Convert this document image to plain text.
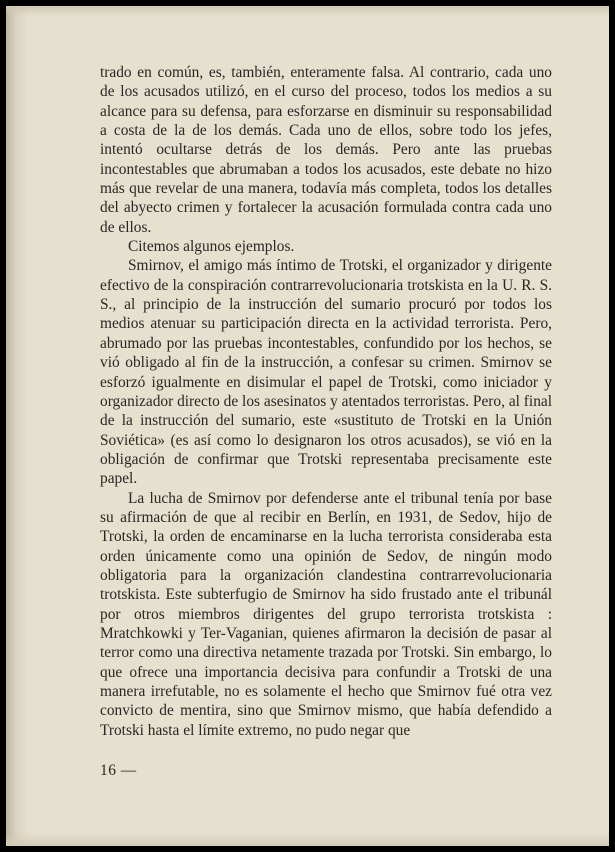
trado en común, es, también, enteramente falsa. Al contrario, cada uno de los acusados utilizó, en el curso del proceso, todos los medios a su alcance para su defensa, para esforzarse en disminuir su responsabilidad a costa de la de los demás. Cada uno de ellos, sobre todo los jefes, intentó ocultarse detrás de los demás. Pero ante las pruebas incontestables que abrumaban a todos los acusados, este debate no hizo más que revelar de una manera, todavía más completa, todos los detalles del abyecto crimen y fortalecer la acusación formulada contra cada uno de ellos.

Citemos algunos ejemplos.

Smirnov, el amigo más íntimo de Trotski, el organizador y dirigente efectivo de la conspiración contrarrevolucionaria trotskista en la U. R. S. S., al principio de la instrucción del sumario procuró por todos los medios atenuar su participación directa en la actividad terrorista. Pero, abrumado por las pruebas incontestables, confundido por los hechos, se vió obligado al fin de la instrucción, a confesar su crimen. Smirnov se esforzó igualmente en disimular el papel de Trotski, como iniciador y organizador directo de los asesinatos y atentados terroristas. Pero, al final de la instrucción del sumario, este «sustituto de Trotski en la Unión Soviética» (es así como lo designaron los otros acusados), se vió en la obligación de confirmar que Trotski representaba precisamente este papel.

La lucha de Smirnov por defenderse ante el tribunal tenía por base su afirmación de que al recibir en Berlín, en 1931, de Sedov, hijo de Trotski, la orden de encaminarse en la lucha terrorista consideraba esta orden únicamente como una opinión de Sedov, de ningún modo obligatoria para la organización clandestina contrarrevolucionaria trotskista. Este subterfugio de Smirnov ha sido frustado ante el tribunál por otros miembros dirigentes del grupo terrorista trotskista : Mratchkowki y Ter-Vaganian, quienes afirmaron la decisión de pasar al terror como una directiva netamente trazada por Trotski. Sin embargo, lo que ofrece una importancia decisiva para confundir a Trotski de una manera irrefutable, no es solamente el hecho que Smirnov fué otra vez convicto de mentira, sino que Smirnov mismo, que había defendido a Trotski hasta el límite extremo, no pudo negar que

16 —
